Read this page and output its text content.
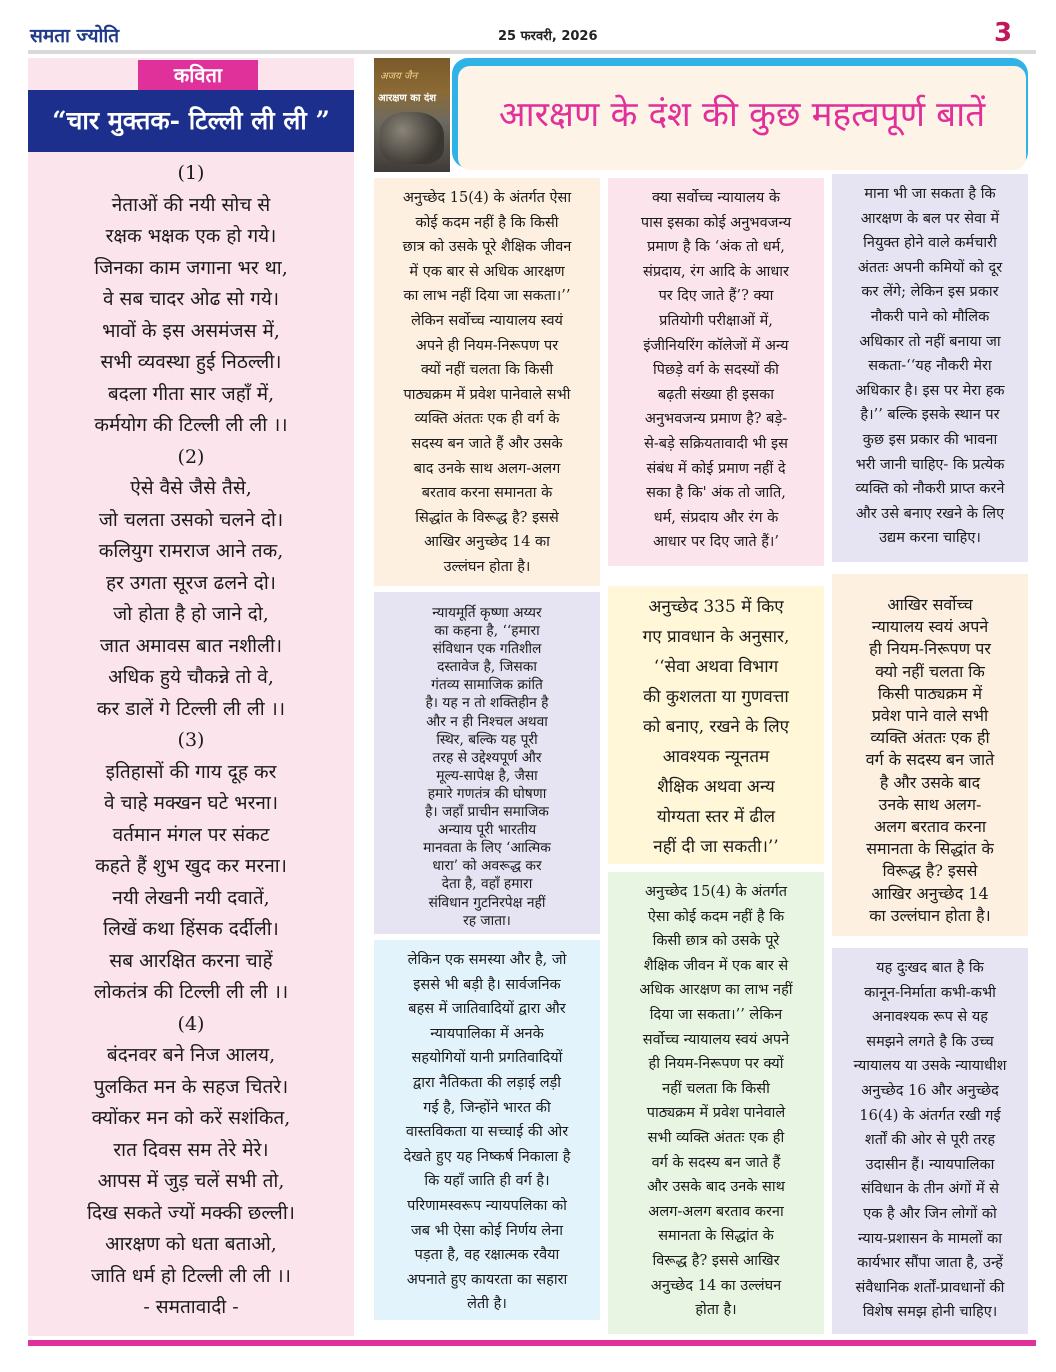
समता ज्योति	25 फरवरी, 2026	3
कविता
“चार मुक्तक- टिल्ली ली ली ”
(1)
नेताओं की नयी सोच से
रक्षक भक्षक एक हो गये।
जिनका काम जगाना भर था,
वे सब चादर ओढ सो गये।
भावों के इस असमंजस में,
सभी व्यवस्था हुई निठल्ली।
बदला गीता सार जहाँ में,
कर्मयोग की टिल्ली ली ली ।।
(2)
ऐसे वैसे जैसे तैसे,
जो चलता उसको चलने दो।
कलियुग रामराज आने तक,
हर उगता सूरज ढलने दो।
जो होता है हो जाने दो,
जात अमावस बात नशीली।
अधिक हुये चौकन्ने तो वे,
कर डालें गे टिल्ली ली ली ।।
(3)
इतिहासों की गाय दूह कर
वे चाहे मक्खन घटे भरना।
वर्तमान मंगल पर संकट
कहते हैं शुभ खुद कर मरना।
नयी लेखनी नयी दवातें,
लिखें कथा हिंसक दर्दीली।
सब आरक्षित करना चाहें
लोकतंत्र की टिल्ली ली ली ।।
(4)
बंदनवर बने निज आलय,
पुलकित मन के सहज चितरे।
क्योंकर मन को करें सशंकित,
रात दिवस सम तेरे मेरे।
आपस में जुड़ चलें सभी तो,
दिख सकते ज्यों मक्की छल्ली।
आरक्षण को धता बताओ,
जाति धर्म हो टिल्ली ली ली ।।
- समतावादी -
अजय जैन
आरक्षण का दंश	आरक्षण के दंश की कुछ महत्वपूर्ण बातें
अनुच्छेद 15(4) के अंतर्गत ऐसा
कोई कदम नहीं है कि किसी
छात्र को उसके पूरे शैक्षिक जीवन
में एक बार से अधिक आरक्षण
का लाभ नहीं दिया जा सकता।’’
लेकिन सर्वोच्च न्यायालय स्वयं
अपने ही नियम-निरूपण पर
क्यों नहीं चलता कि किसी
पाठ्यक्रम में प्रवेश पानेवाले सभी
व्यक्ति अंततः एक ही वर्ग के
सदस्य बन जाते हैं और उसके
बाद उनके साथ अलग-अलग
बरताव करना समानता के
सिद्धांत के विरूद्ध है? इससे
आखिर अनुच्छेद 14 का
उल्लंघन होता है।
क्या सर्वोच्च न्यायालय के
पास इसका कोई अनुभवजन्य
प्रमाण है कि ‘अंक तो धर्म,
संप्रदाय, रंग आदि के आधार
पर दिए जाते हैं’? क्या
प्रतियोगी परीक्षाओं में,
इंजीनियरिंग कॉलेजों में अन्य
पिछड़े वर्ग के सदस्यों की
बढ़ती संख्या ही इसका
अनुभवजन्य प्रमाण है? बड़े-
से-बड़े सक्रियतावादी भी इस
संबंध में कोई प्रमाण नहीं दे
सका है कि' अंक तो जाति,
धर्म, संप्रदाय और रंग के
आधार पर दिए जाते हैं।’
माना भी जा सकता है कि
आरक्षण के बल पर सेवा में
नियुक्त होने वाले कर्मचारी
अंततः अपनी कमियों को दूर
कर लेंगे; लेकिन इस प्रकार
नौकरी पाने को मौलिक
अधिकार तो नहीं बनाया जा
सकता-‘‘यह नौकरी मेरा
अधिकार है। इस पर मेरा हक
है।’’ बल्कि इसके स्थान पर
कुछ इस प्रकार की भावना
भरी जानी चाहिए- कि प्रत्येक
व्यक्ति को नौकरी प्राप्त करने
और उसे बनाए रखने के लिए
उद्यम करना चाहिए।
न्यायमूर्ति कृष्णा अय्यर
का कहना है, ‘‘हमारा
संविधान एक गतिशील
दस्तावेज है, जिसका
गंतव्य सामाजिक क्रांति
है। यह न तो शक्तिहीन है
और न ही निश्चल अथवा
स्थिर, बल्कि यह पूरी
तरह से उद्देश्यपूर्ण और
मूल्य-सापेक्ष है, जैसा
हमारे गणतंत्र की घोषणा
है। जहाँ प्राचीन समाजिक
अन्याय पूरी भारतीय
मानवता के लिए ‘आत्मिक
धारा’ को अवरूद्ध कर
देता है, वहाँ हमारा
संविधान गुटनिरपेक्ष नहीं
रह जाता।
अनुच्छेद 335 में किए
गए प्रावधान के अनुसार,
‘‘सेवा अथवा विभाग
की कुशलता या गुणवत्ता
को बनाए, रखने के लिए
आवश्यक न्यूनतम
शैक्षिक अथवा अन्य
योग्यता स्तर में ढील
नहीं दी जा सकती।’’
आखिर सर्वोच्च
न्यायालय स्वयं अपने
ही नियम-निरूपण पर
क्यो नहीं चलता कि
किसी पाठ्यक्रम में
प्रवेश पाने वाले सभी
व्यक्ति अंततः एक ही
वर्ग के सदस्य बन जाते
है और उसके बाद
उनके साथ अलग-
अलग बरताव करना
समानता के सिद्धांत के
विरूद्ध है? इससे
आखिर अनुच्छेद 14
का उल्लंघान होता है।
लेकिन एक समस्या और है, जो
इससे भी बड़ी है। सार्वजनिक
बहस में जातिवादियों द्वारा और
न्यायपालिका में अनके
सहयोगियों यानी प्रगतिवादियों
द्वारा नैतिकता की लड़ाई लड़ी
गई है, जिन्होंने भारत की
वास्तविकता या सच्चाई की ओर
देखते हुए यह निष्कर्ष निकाला है
कि यहाँ जाति ही वर्ग है।
परिणामस्वरूप न्यायपलिका को
जब भी ऐसा कोई निर्णय लेना
पड़ता है, वह रक्षात्मक रवैया
अपनाते हुए कायरता का सहारा
लेती है।
अनुच्छेद 15(4) के अंतर्गत
ऐसा कोई कदम नहीं है कि
किसी छात्र को उसके पूरे
शैक्षिक जीवन में एक बार से
अधिक आरक्षण का लाभ नहीं
दिया जा सकता।’’ लेकिन
सर्वोच्च न्यायालय स्वयं अपने
ही नियम-निरूपण पर क्यों
नहीं चलता कि किसी
पाठ्यक्रम में प्रवेश पानेवाले
सभी व्यक्ति अंततः एक ही
वर्ग के सदस्य बन जाते हैं
और उसके बाद उनके साथ
अलग-अलग बरताव करना
समानता के सिद्धांत के
विरूद्ध है? इससे आखिर
अनुच्छेद 14 का उल्लंघन
होता है।
यह दुःखद बात है कि
कानून-निर्माता कभी-कभी
अनावश्यक रूप से यह
समझने लगते है कि उच्च
न्यायालय या उसके न्यायाधीश
अनुच्छेद 16 और अनुच्छेद
16(4) के अंतर्गत रखी गई
शर्तों की ओर से पूरी तरह
उदासीन हैं। न्यायपालिका
संविधान के तीन अंगों में से
एक है और जिन लोगों को
न्याय-प्रशासन के मामलों का
कार्यभार सौंपा जाता है, उन्हें
संवैधानिक शर्तों-प्रावधानों की
विशेष समझ होनी चाहिए।
